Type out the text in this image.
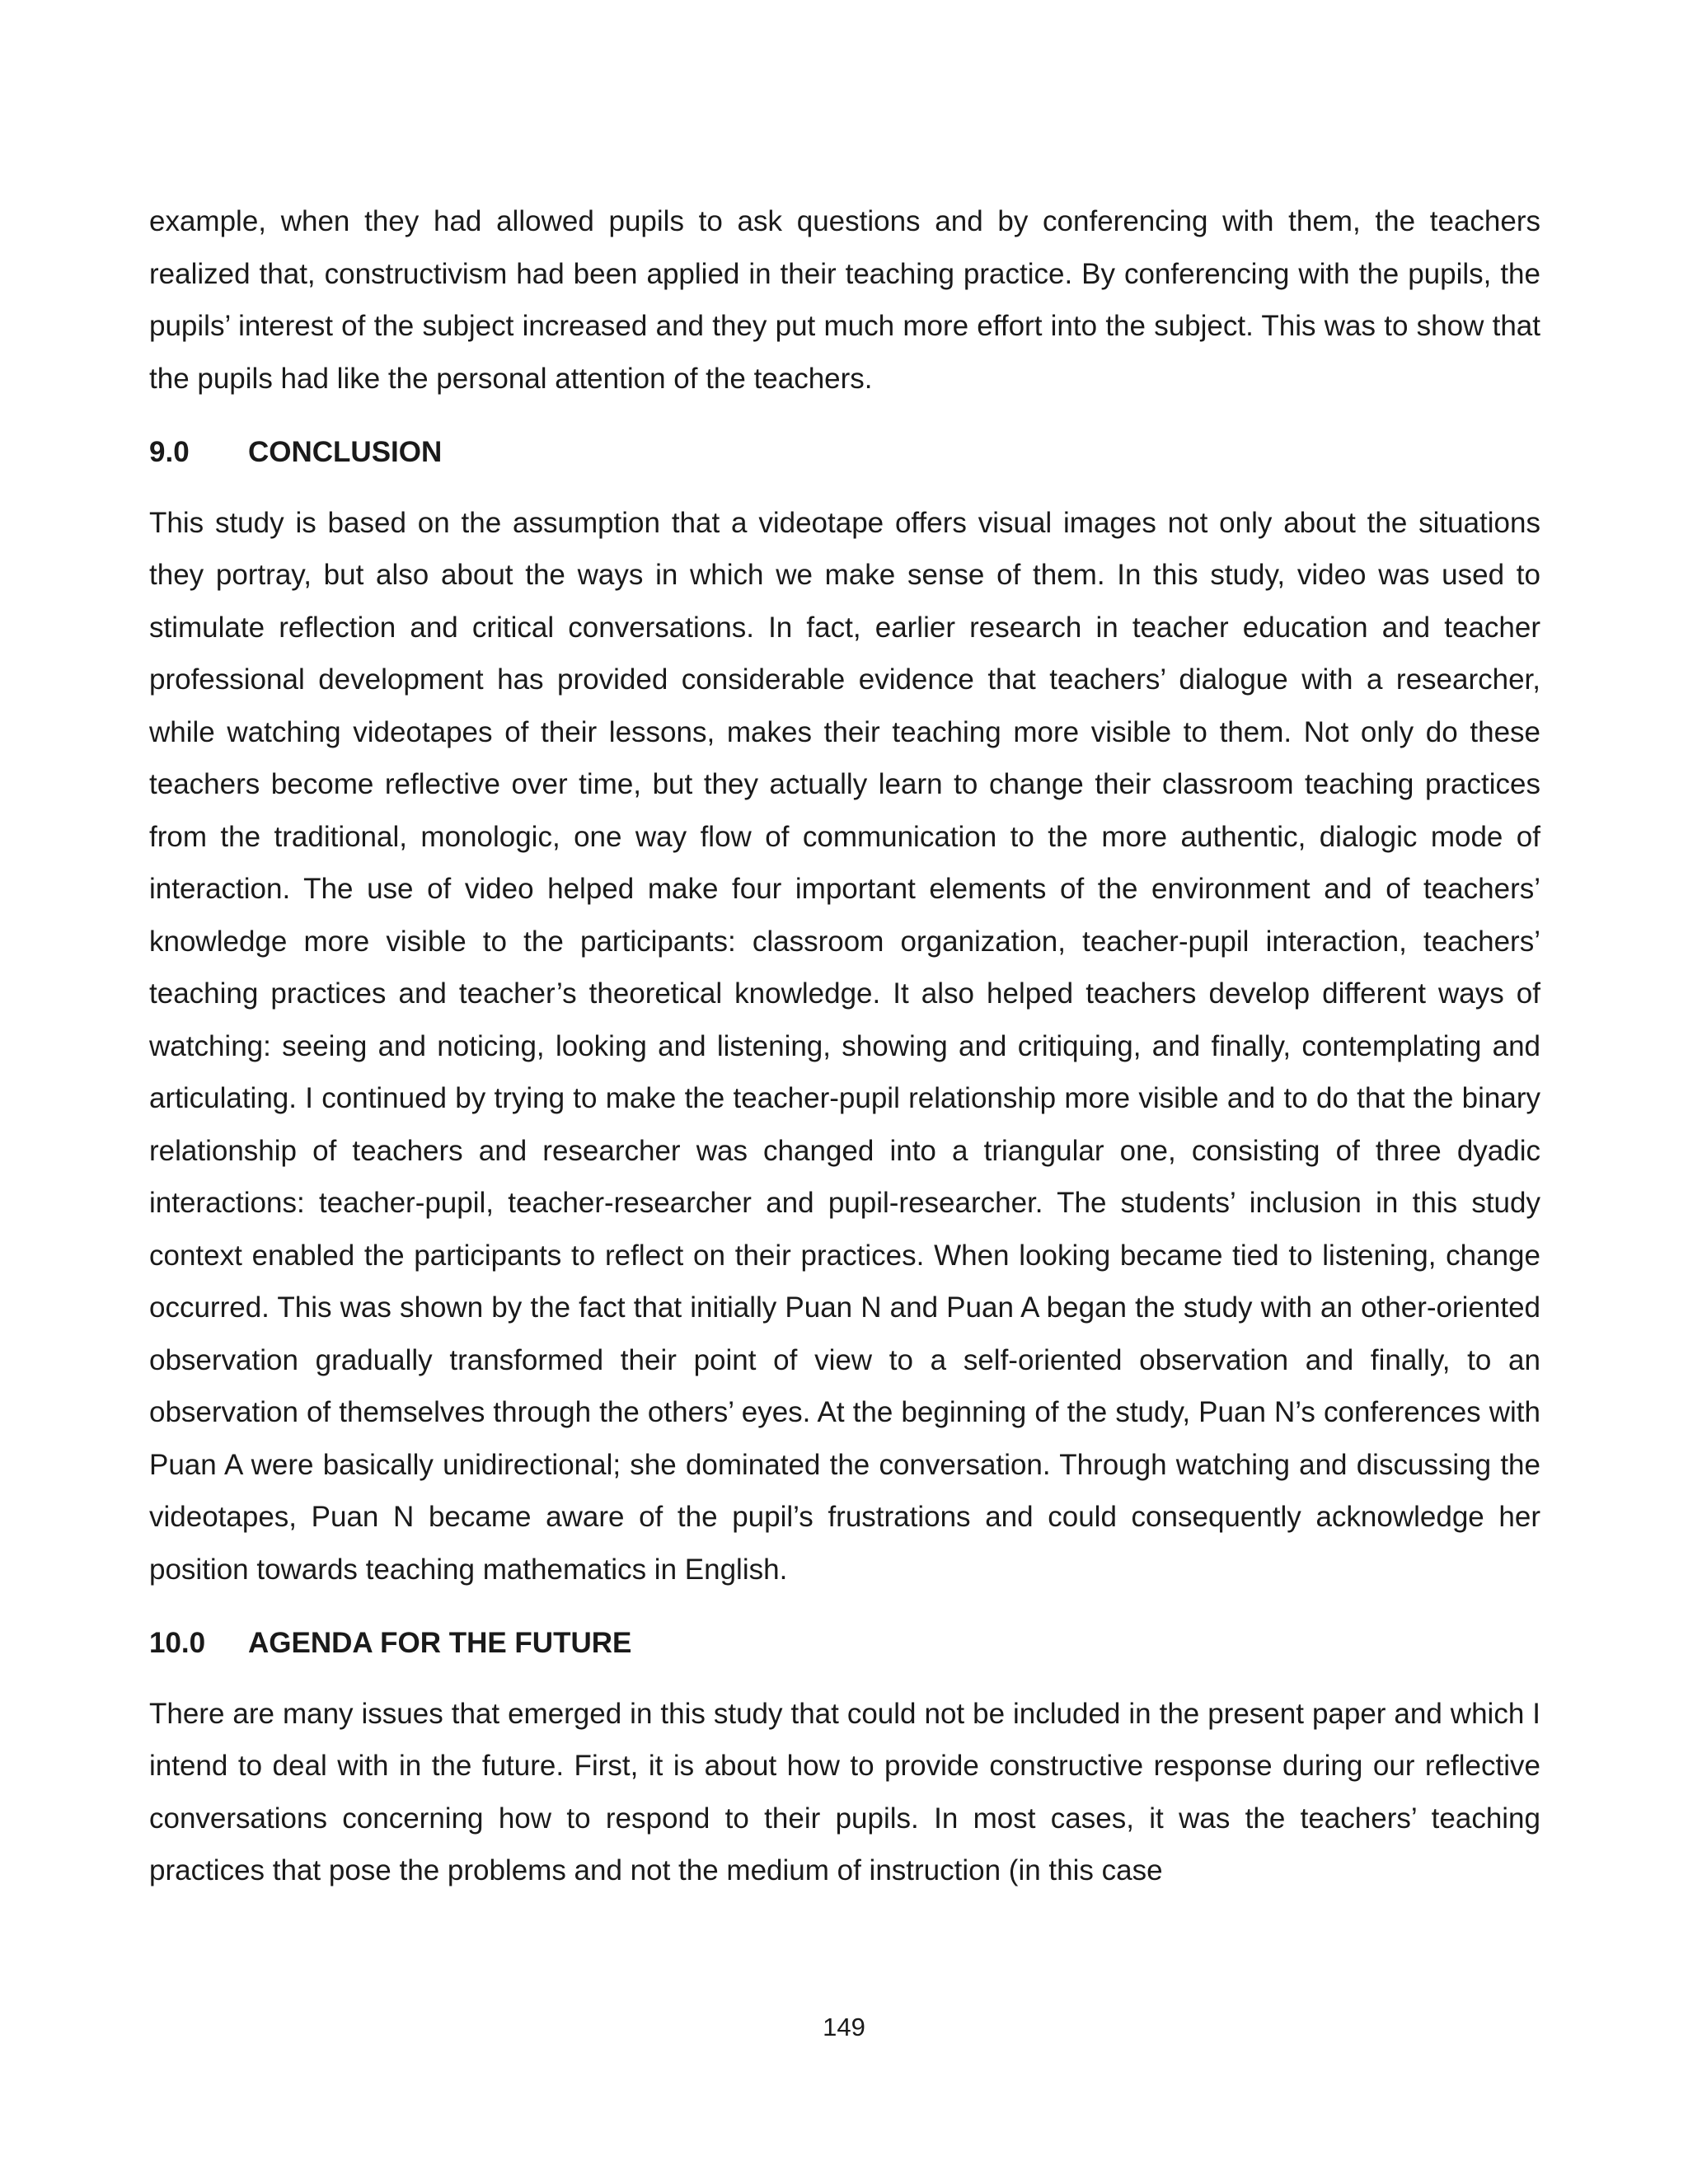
example, when they had allowed pupils to ask questions and by conferencing with them, the teachers realized that, constructivism had been applied in their teaching practice. By conferencing with the pupils, the pupils’ interest of the subject increased and they put much more effort into the subject. This was to show that the pupils had like the personal attention of the teachers.

9.0	CONCLUSION

This study is based on the assumption that a videotape offers visual images not only about the situations they portray, but also about the ways in which we make sense of them. In this study, video was used to stimulate reflection and critical conversations. In fact, earlier research in teacher education and teacher professional development has provided considerable evidence that teachers’ dialogue with a researcher, while watching videotapes of their lessons, makes their teaching more visible to them. Not only do these teachers become reflective over time, but they actually learn to change their classroom teaching practices from the traditional, monologic, one way flow of communication to the more authentic, dialogic mode of interaction. The use of video helped make four important elements of the environment and of teachers’ knowledge more visible to the participants: classroom organization, teacher-pupil interaction, teachers’ teaching practices and teacher’s theoretical knowledge. It also helped teachers develop different ways of watching: seeing and noticing, looking and listening, showing and critiquing, and finally, contemplating and articulating. I continued by trying to make the teacher-pupil relationship more visible and to do that the binary relationship of teachers and researcher was changed into a triangular one, consisting of three dyadic interactions: teacher-pupil, teacher-researcher and pupil-researcher. The students’ inclusion in this study context enabled the participants to reflect on their practices. When looking became tied to listening, change occurred. This was shown by the fact that initially Puan N and Puan A began the study with an other-oriented observation gradually transformed their point of view to a self-oriented observation and finally, to an observation of themselves through the others’ eyes. At the beginning of the study, Puan N’s conferences with Puan A were basically unidirectional; she dominated the conversation. Through watching and discussing the videotapes, Puan N became aware of the pupil’s frustrations and could consequently acknowledge her position towards teaching mathematics in English.

10.0	AGENDA FOR THE FUTURE

There are many issues that emerged in this study that could not be included in the present paper and which I intend to deal with in the future. First, it is about how to provide constructive response during our reflective conversations concerning how to respond to their pupils. In most cases, it was the teachers’ teaching practices that pose the problems and not the medium of instruction (in this case

149
